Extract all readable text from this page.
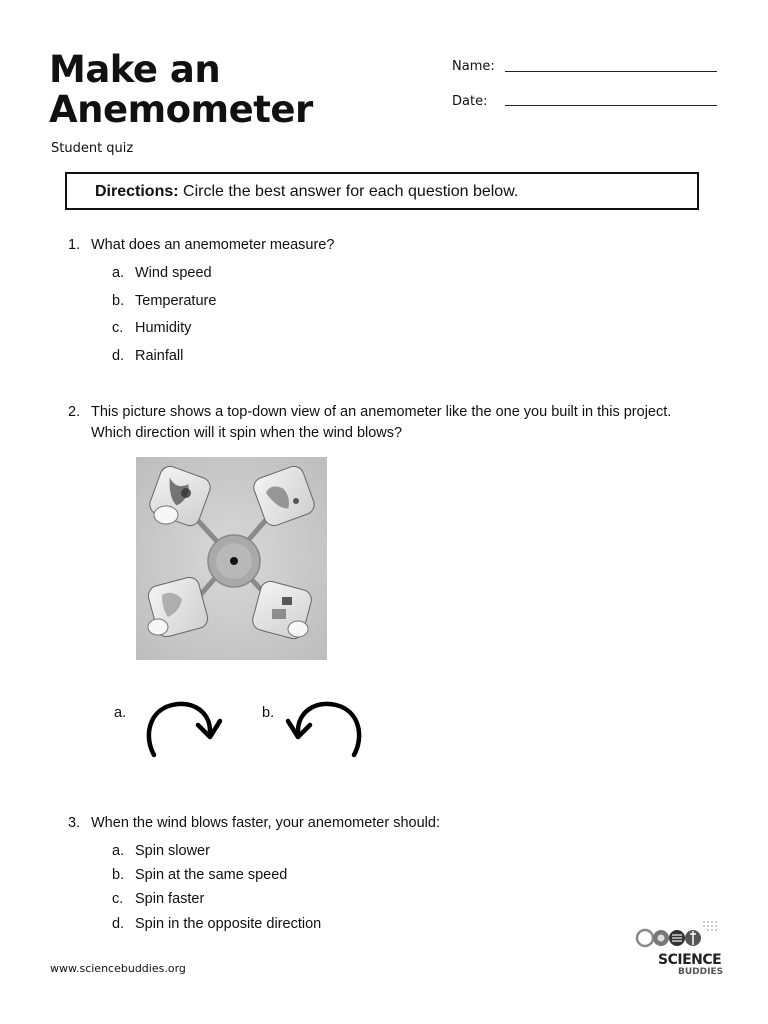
Make an
Anemometer
Student quiz
Name:
Date:
Directions: Circle the best answer for each question below.
1. What does an anemometer measure?
a. Wind speed
b. Temperature
c. Humidity
d. Rainfall
2. This picture shows a top-down view of an anemometer like the one you built in this project.
Which direction will it spin when the wind blows?
a.	b.
3. When the wind blows faster, your anemometer should:
a. Spin slower
b. Spin at the same speed
c. Spin faster
d. Spin in the opposite direction
www.sciencebuddies.org
SCIENCE
BUDDIES
